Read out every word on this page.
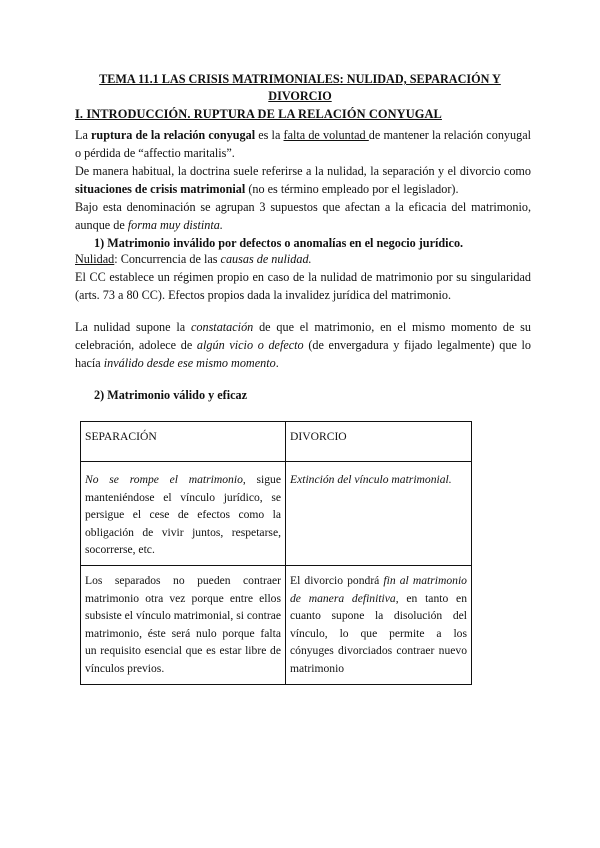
TEMA 11.1 LAS CRISIS MATRIMONIALES: NULIDAD, SEPARACIÓN Y DIVORCIO
I. INTRODUCCIÓN. RUPTURA DE LA RELACIÓN CONYUGAL
La ruptura de la relación conyugal es la falta de voluntad de mantener la relación conyugal o pérdida de “affectio maritalis”.
De manera habitual, la doctrina suele referirse a la nulidad, la separación y el divorcio como situaciones de crisis matrimonial (no es término empleado por el legislador).
Bajo esta denominación se agrupan 3 supuestos que afectan a la eficacia del matrimonio, aunque de forma muy distinta.
1) Matrimonio inválido por defectos o anomalías en el negocio jurídico.
Nulidad: Concurrencia de las causas de nulidad.
El CC establece un régimen propio en caso de la nulidad de matrimonio por su singularidad (arts. 73 a 80 CC). Efectos propios dada la invalidez jurídica del matrimonio.
La nulidad supone la constatación de que el matrimonio, en el mismo momento de su celebración, adolece de algún vicio o defecto (de envergadura y fijado legalmente) que lo hacía inválido desde ese mismo momento.
2) Matrimonio válido y eficaz
SEPARACIÓN	DIVORCIO
No se rompe el matrimonio, sigue manteniéndose el vínculo jurídico, se persigue el cese de efectos como la obligación de vivir juntos, respetarse, socorrerse, etc.	Extinción del vínculo matrimonial.
Los separados no pueden contraer matrimonio otra vez porque entre ellos subsiste el vínculo matrimonial, si contrae matrimonio, éste será nulo porque falta un requisito esencial que es estar libre de vínculos previos.	El divorcio pondrá fin al matrimonio de manera definitiva, en tanto en cuanto supone la disolución del vínculo, lo que permite a los cónyuges divorciados contraer nuevo matrimonio
